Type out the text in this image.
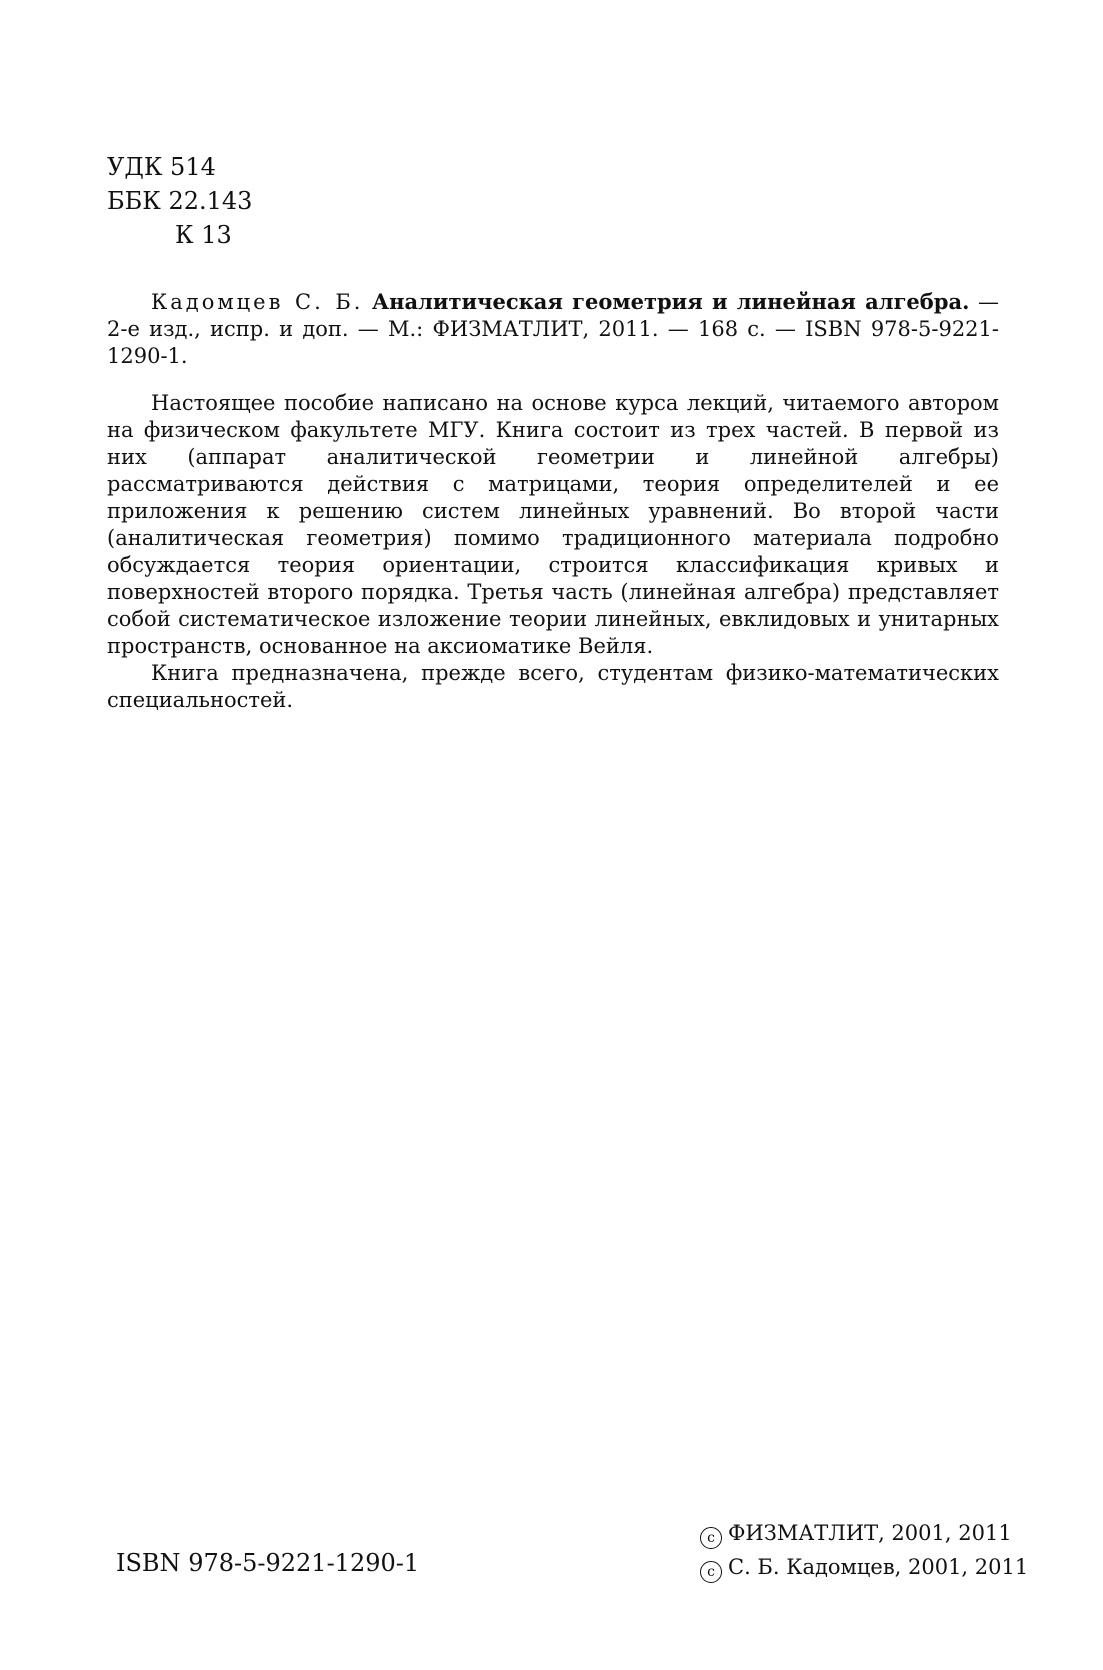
УДК 514
ББК 22.143
К 13

Кадомцев С. Б. Аналитическая геометрия и линейная алгебра. — 2-е изд., испр. и доп. — М.: ФИЗМАТЛИТ, 2011. — 168 с. — ISBN 978-5-9221-1290-1.

Настоящее пособие написано на основе курса лекций, читаемого автором на физическом факультете МГУ. Книга состоит из трех частей. В первой из них (аппарат аналитической геометрии и линейной алгебры) рассматриваются действия с матрицами, теория определителей и ее приложения к решению систем линейных уравнений. Во второй части (аналитическая геометрия) помимо традиционного материала подробно обсуждается теория ориентации, строится классификация кривых и поверхностей второго порядка. Третья часть (линейная алгебра) представляет собой систематическое изложение теории линейных, евклидовых и унитарных пространств, основанное на аксиоматике Вейля.

Книга предназначена, прежде всего, студентам физико-математических специальностей.

ISBN 978-5-9221-1290-1
c ФИЗМАТЛИТ, 2001, 2011
c С. Б. Кадомцев, 2001, 2011
